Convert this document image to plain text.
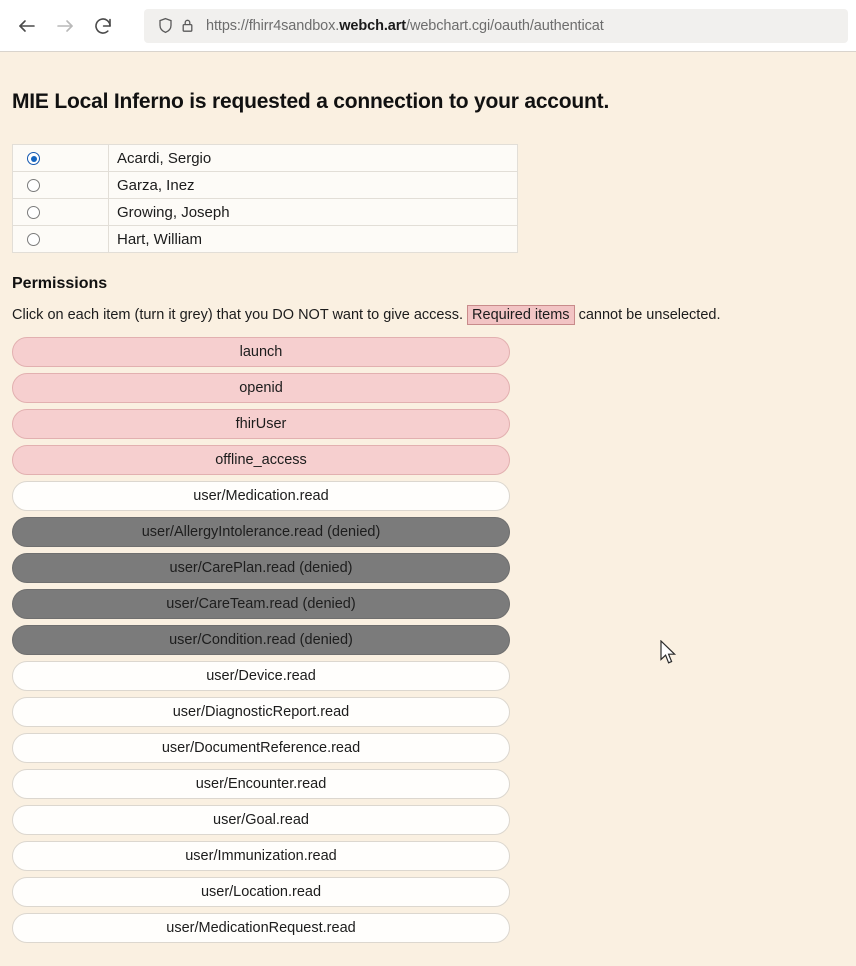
https://fhirr4sandbox.webch.art/webchart.cgi/oauth/authenticat
MIE Local Inferno is requested a connection to your account.
	Acardi, Sergio
	Garza, Inez
	Growing, Joseph
	Hart, William
Permissions

Click on each item (turn it grey) that you DO NOT want to give access. Required items cannot be unselected.

launch
openid
fhirUser
offline_access
user/Medication.read
user/AllergyIntolerance.read (denied)
user/CarePlan.read (denied)
user/CareTeam.read (denied)
user/Condition.read (denied)
user/Device.read
user/DiagnosticReport.read
user/DocumentReference.read
user/Encounter.read
user/Goal.read
user/Immunization.read
user/Location.read
user/MedicationRequest.read
